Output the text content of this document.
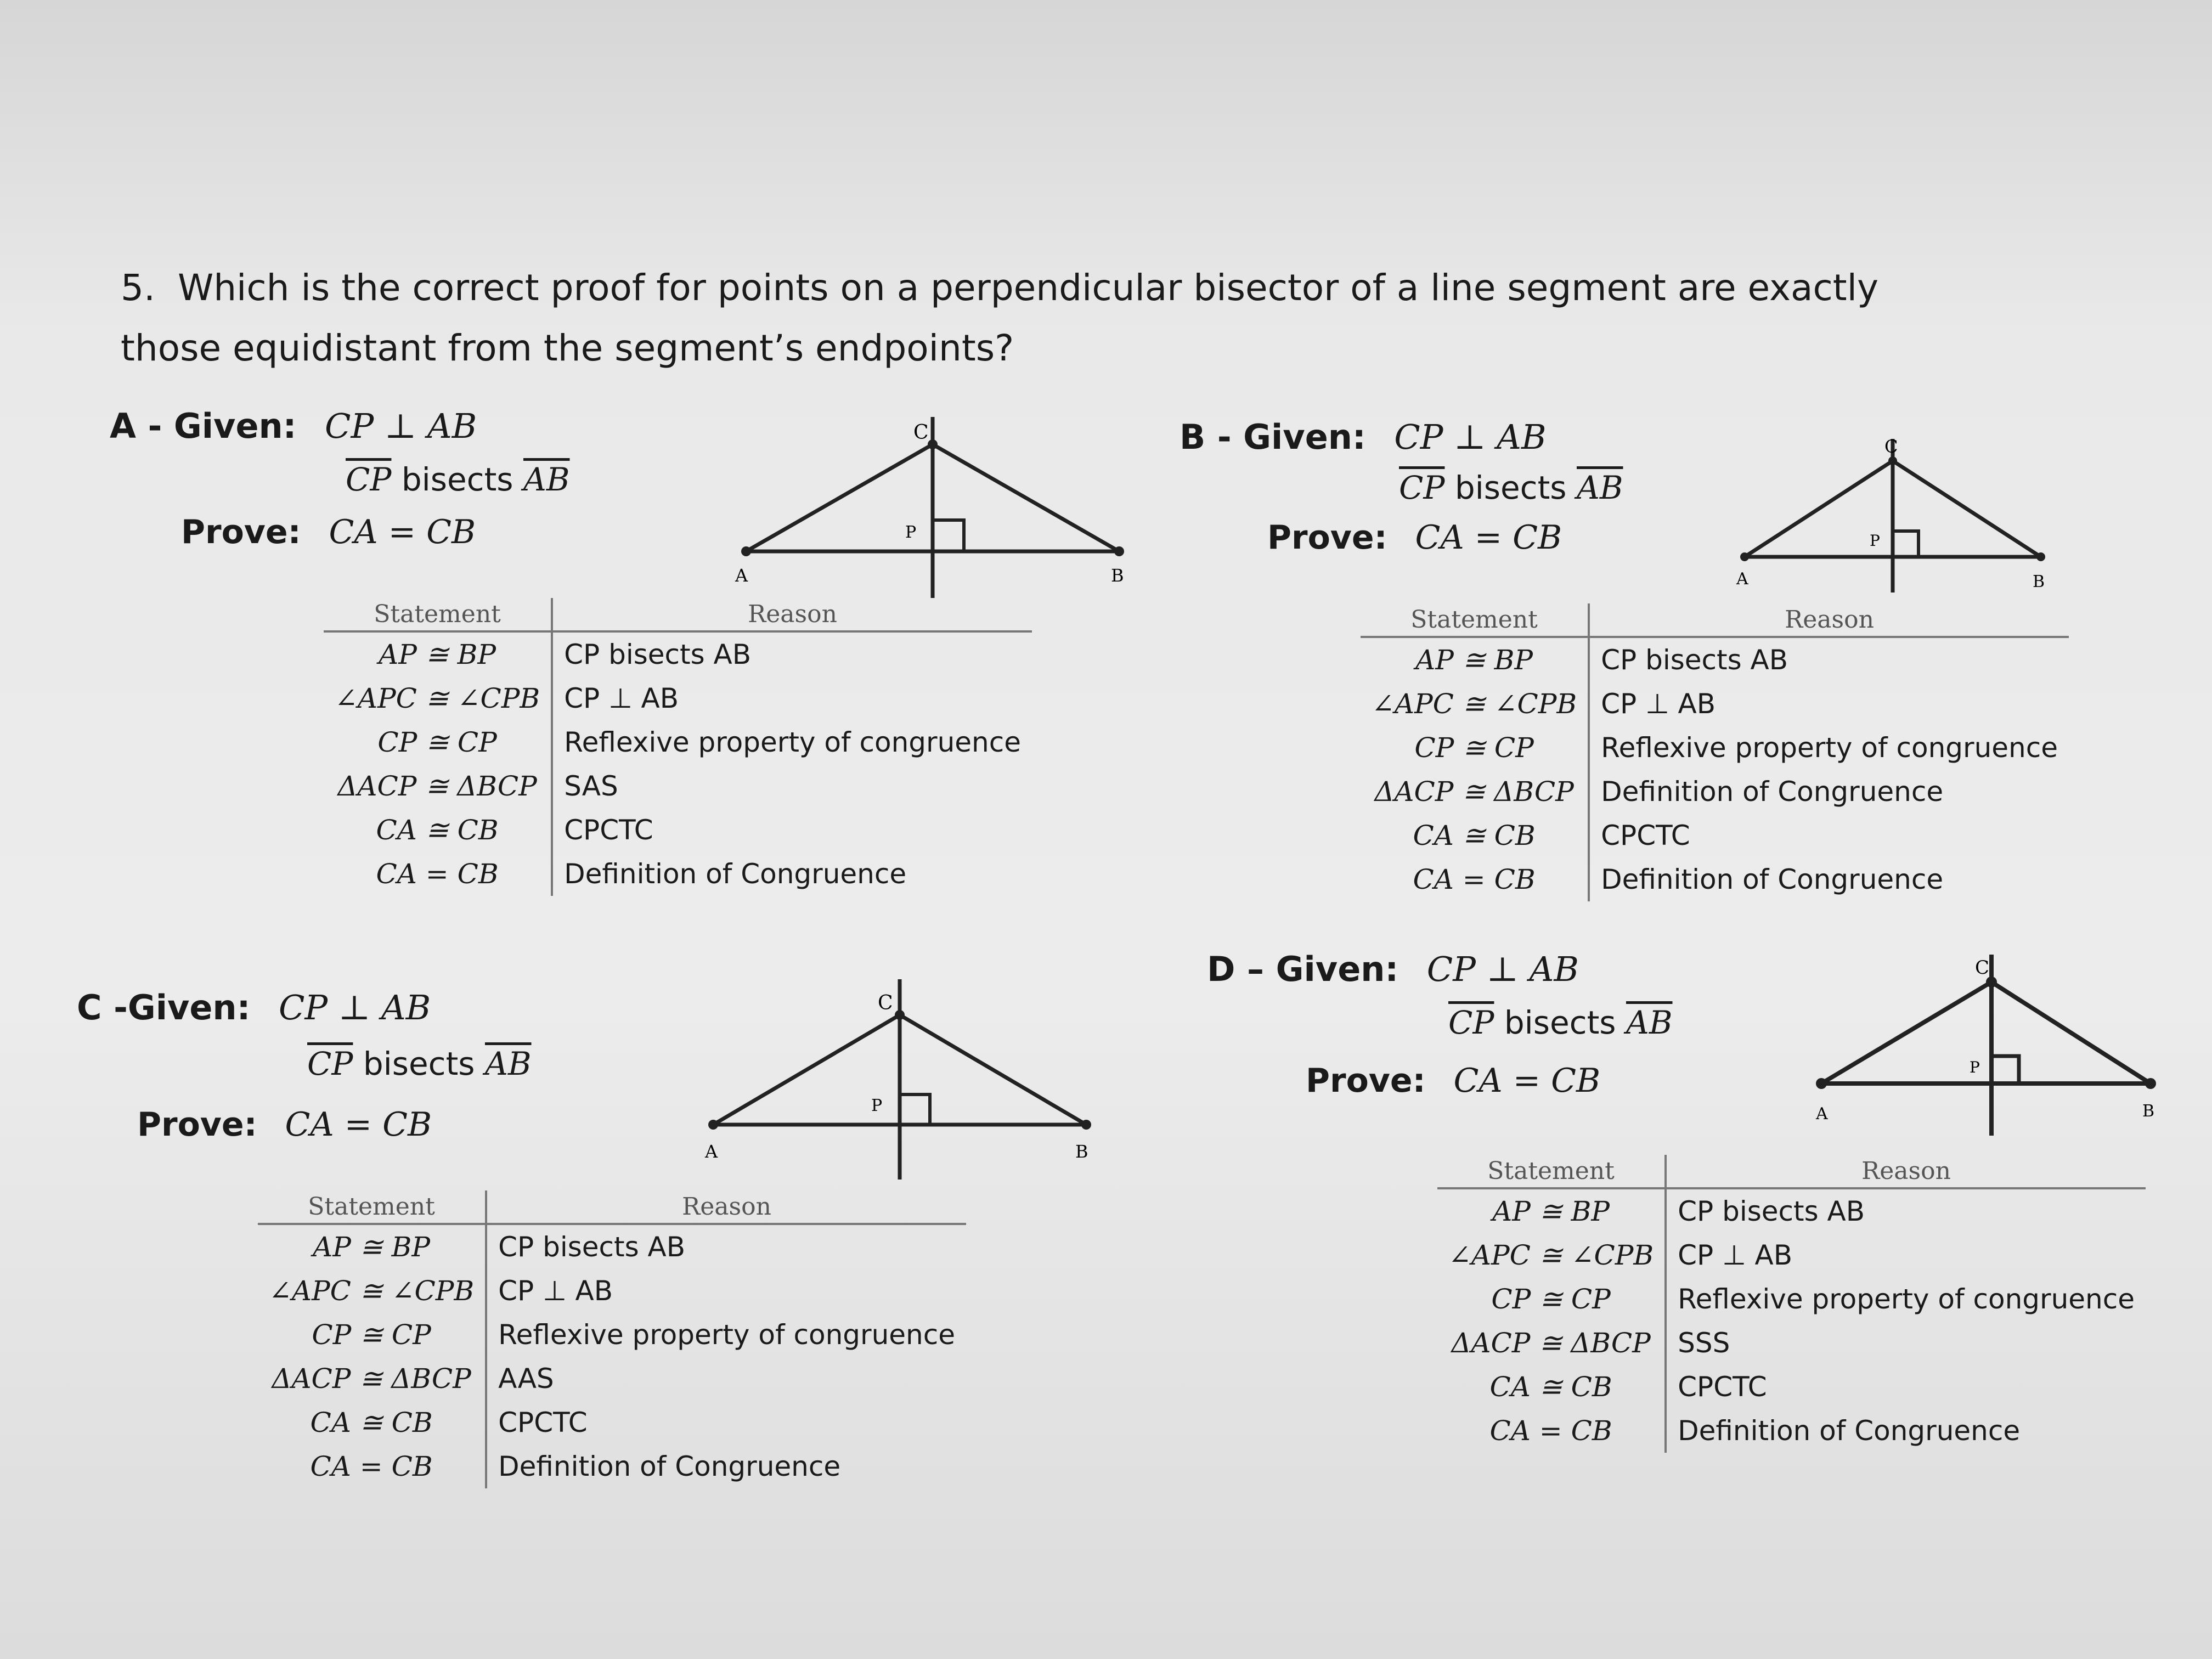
5. Which is the correct proof for points on a perpendicular bisector of a line segment are exactly those equidistant from the segment’s endpoints?
A - Given: CP ⊥ AB
$\overline{CP}$ bisects $\overline{AB}$
Prove: CA = CB
C
P
A	B
Statement	Reason
AP ≅ BP	CP bisects AB
∠APC ≅ ∠CPB	CP ⊥ AB
CP ≅ CP	Reflexive property of congruence
ΔACP ≅ ΔBCP	SAS
CA ≅ CB	CPCTC
CA = CB	Definition of Congruence
B - Given: CP ⊥ AB
$\overline{CP}$ bisects $\overline{AB}$
Prove: CA = CB
C
P
A	B
Statement	Reason
AP ≅ BP	CP bisects AB
∠APC ≅ ∠CPB	CP ⊥ AB
CP ≅ CP	Reflexive property of congruence
ΔACP ≅ ΔBCP	Definition of Congruence
CA ≅ CB	CPCTC
CA = CB	Definition of Congruence
C -Given: CP ⊥ AB
$\overline{CP}$ bisects $\overline{AB}$
Prove: CA = CB
C
P
A	B
Statement	Reason
AP ≅ BP	CP bisects AB
∠APC ≅ ∠CPB	CP ⊥ AB
CP ≅ CP	Reflexive property of congruence
ΔACP ≅ ΔBCP	AAS
CA ≅ CB	CPCTC
CA = CB	Definition of Congruence
D – Given: CP ⊥ AB
$\overline{CP}$ bisects $\overline{AB}$
Prove: CA = CB
C
P
A	B
Statement	Reason
AP ≅ BP	CP bisects AB
∠APC ≅ ∠CPB	CP ⊥ AB
CP ≅ CP	Reflexive property of congruence
ΔACP ≅ ΔBCP	SSS
CA ≅ CB	CPCTC
CA = CB	Definition of Congruence
